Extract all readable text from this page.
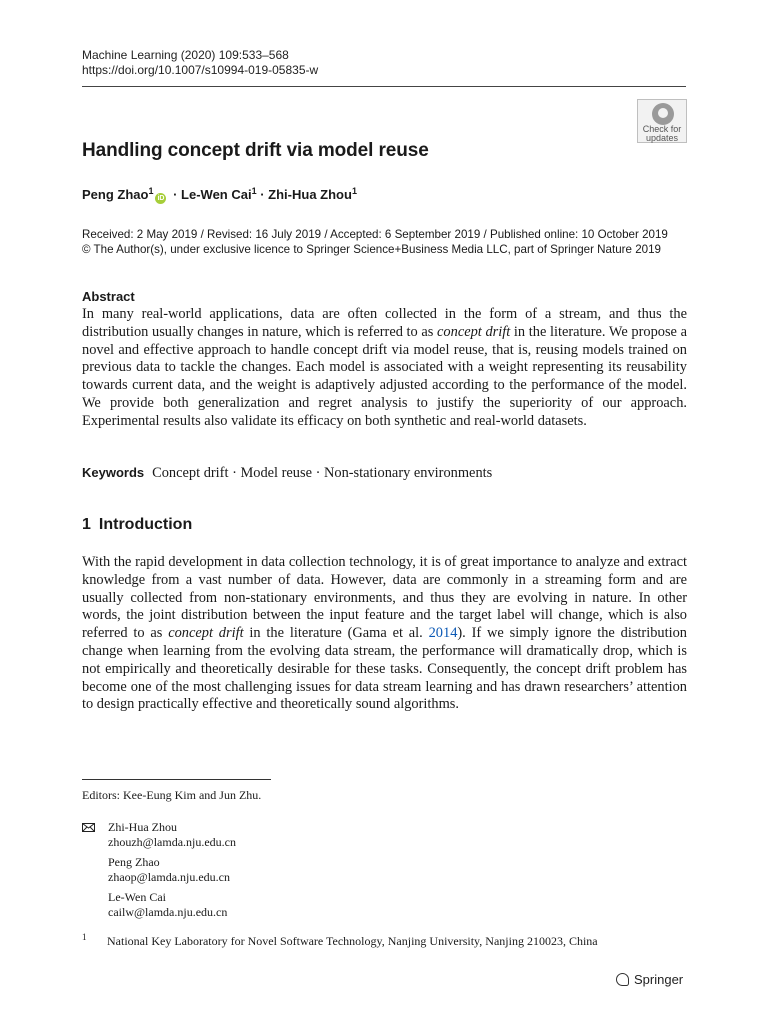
Machine Learning (2020) 109:533–568
https://doi.org/10.1007/s10994-019-05835-w
Check for
updates
Handling concept drift via model reuse
Peng Zhao$^1$iD · Le-Wen Cai$^1$ · Zhi-Hua Zhou$^1$
Received: 2 May 2019 / Revised: 16 July 2019 / Accepted: 6 September 2019 / Published online: 10 October 2019
© The Author(s), under exclusive licence to Springer Science+Business Media LLC, part of Springer Nature 2019
Abstract

In many real-world applications, data are often collected in the form of a stream, and thus the distribution usually changes in nature, which is referred to as concept drift in the literature. We propose a novel and effective approach to handle concept drift via model reuse, that is, reusing models trained on previous data to tackle the changes. Each model is associated with a weight representing its reusability towards current data, and the weight is adaptively adjusted according to the performance of the model. We provide both generalization and regret analysis to justify the superiority of our approach. Experimental results also validate its efficacy on both synthetic and real-world datasets.

Keywords Concept drift · Model reuse · Non-stationary environments
1 Introduction

With the rapid development in data collection technology, it is of great importance to analyze and extract knowledge from a vast number of data. However, data are commonly in a streaming form and are usually collected from non-stationary environments, and thus they are evolving in nature. In other words, the joint distribution between the input feature and the target label will change, which is also referred to as concept drift in the literature (Gama et al. 2014). If we simply ignore the distribution change when learning from the evolving data stream, the performance will dramatically drop, which is not empirically and theoretically desirable for these tasks. Consequently, the concept drift problem has become one of the most challenging issues for data stream learning and has drawn researchers’ attention to design practically effective and theoretically sound algorithms.

Editors: Kee-Eung Kim and Jun Zhu.
Zhi-Hua Zhou
zhouzh@lamda.nju.edu.cn
Peng Zhao
zhaop@lamda.nju.edu.cn
Le-Wen Cai
cailw@lamda.nju.edu.cn
1 National Key Laboratory for Novel Software Technology, Nanjing University, Nanjing 210023, China
Springer
